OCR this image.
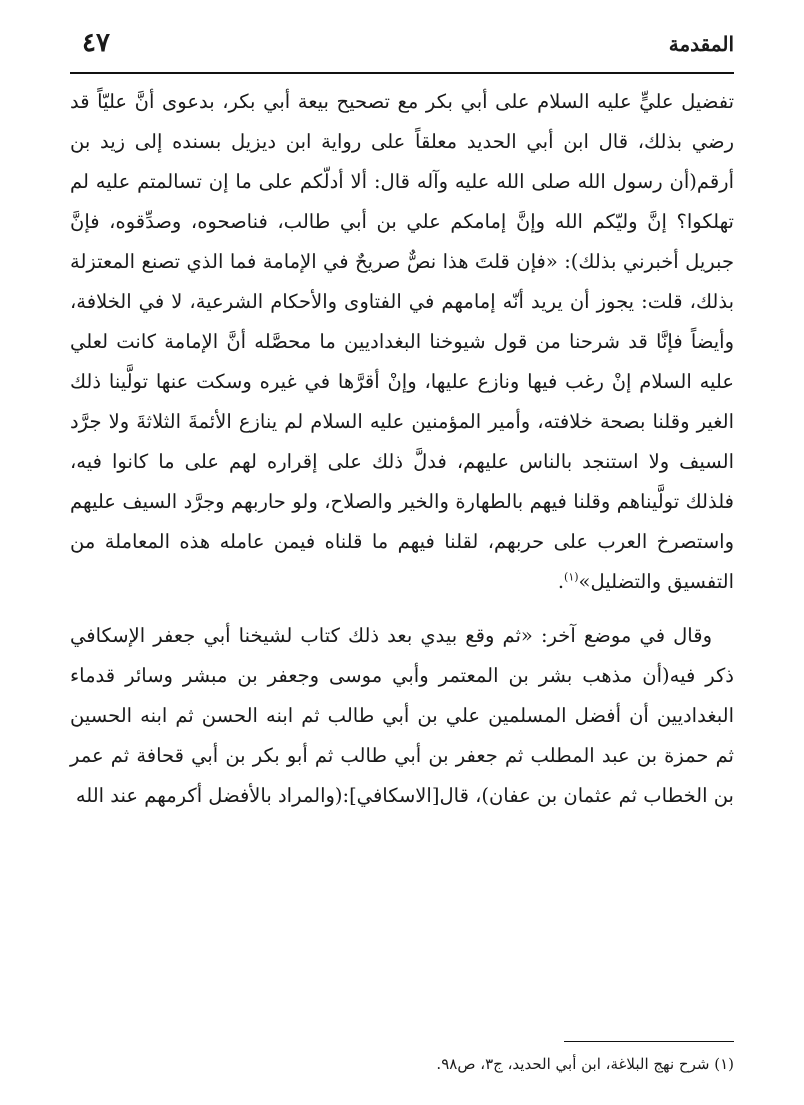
المقدمة
٤٧

تفضيل عليٍّ عليه السلام على أبي بكر مع تصحيح بيعة أبي بكر، بدعوى أنَّ عليّاً قد رضي بذلك، قال ابن أبي الحديد معلقاً على رواية ابن ديزيل بسنده إلى زيد بن أرقم(أن رسول الله صلى الله عليه وآله قال: ألا أدلّكم على ما إن تسالمتم عليه لم تهلكوا؟ إنَّ وليّكم الله وإنَّ إمامكم علي بن أبي طالب، فناصحوه، وصدِّقوه، فإنَّ جبريل أخبرني بذلك): «فإن قلتَ هذا نصٌّ صريحٌ في الإمامة فما الذي تصنع المعتزلة بذلك، قلت: يجوز أن يريد أنّه إمامهم في الفتاوى والأحكام الشرعية، لا في الخلافة، وأيضاً فإنَّا قد شرحنا من قول شيوخنا البغداديين ما محصَّله أنَّ الإمامة كانت لعلي عليه السلام إنْ رغب فيها ونازع عليها، وإنْ أقرَّها في غيره وسكت عنها تولَّينا ذلك الغير وقلنا بصحة خلافته، وأمير المؤمنين عليه السلام لم ينازع الأئمةَ الثلاثةَ ولا جرَّد السيف ولا استنجد بالناس عليهم، فدلَّ ذلك على إقراره لهم على ما كانوا فيه، فلذلك تولَّيناهم وقلنا فيهم بالطهارة والخير والصلاح، ولو حاربهم وجرَّد السيف عليهم واستصرخ العرب على حربهم، لقلنا فيهم ما قلناه فيمن عامله هذه المعاملة من التفسيق والتضليل»$^{(١)}$.

وقال في موضع آخر: «ثم وقع بيدي بعد ذلك كتاب لشيخنا أبي جعفر الإسكافي ذكر فيه(أن مذهب بشر بن المعتمر وأبي موسى وجعفر بن مبشر وسائر قدماء البغداديين أن أفضل المسلمين علي بن أبي طالب ثم ابنه الحسن ثم ابنه الحسين ثم حمزة بن عبد المطلب ثم جعفر بن أبي طالب ثم أبو بكر بن أبي قحافة ثم عمر بن الخطاب ثم عثمان بن عفان)، قال[الاسكافي]:(والمراد بالأفضل أكرمهم عند الله

(١) شرح نهج البلاغة، ابن أبي الحديد، ج٣، ص٩٨.
